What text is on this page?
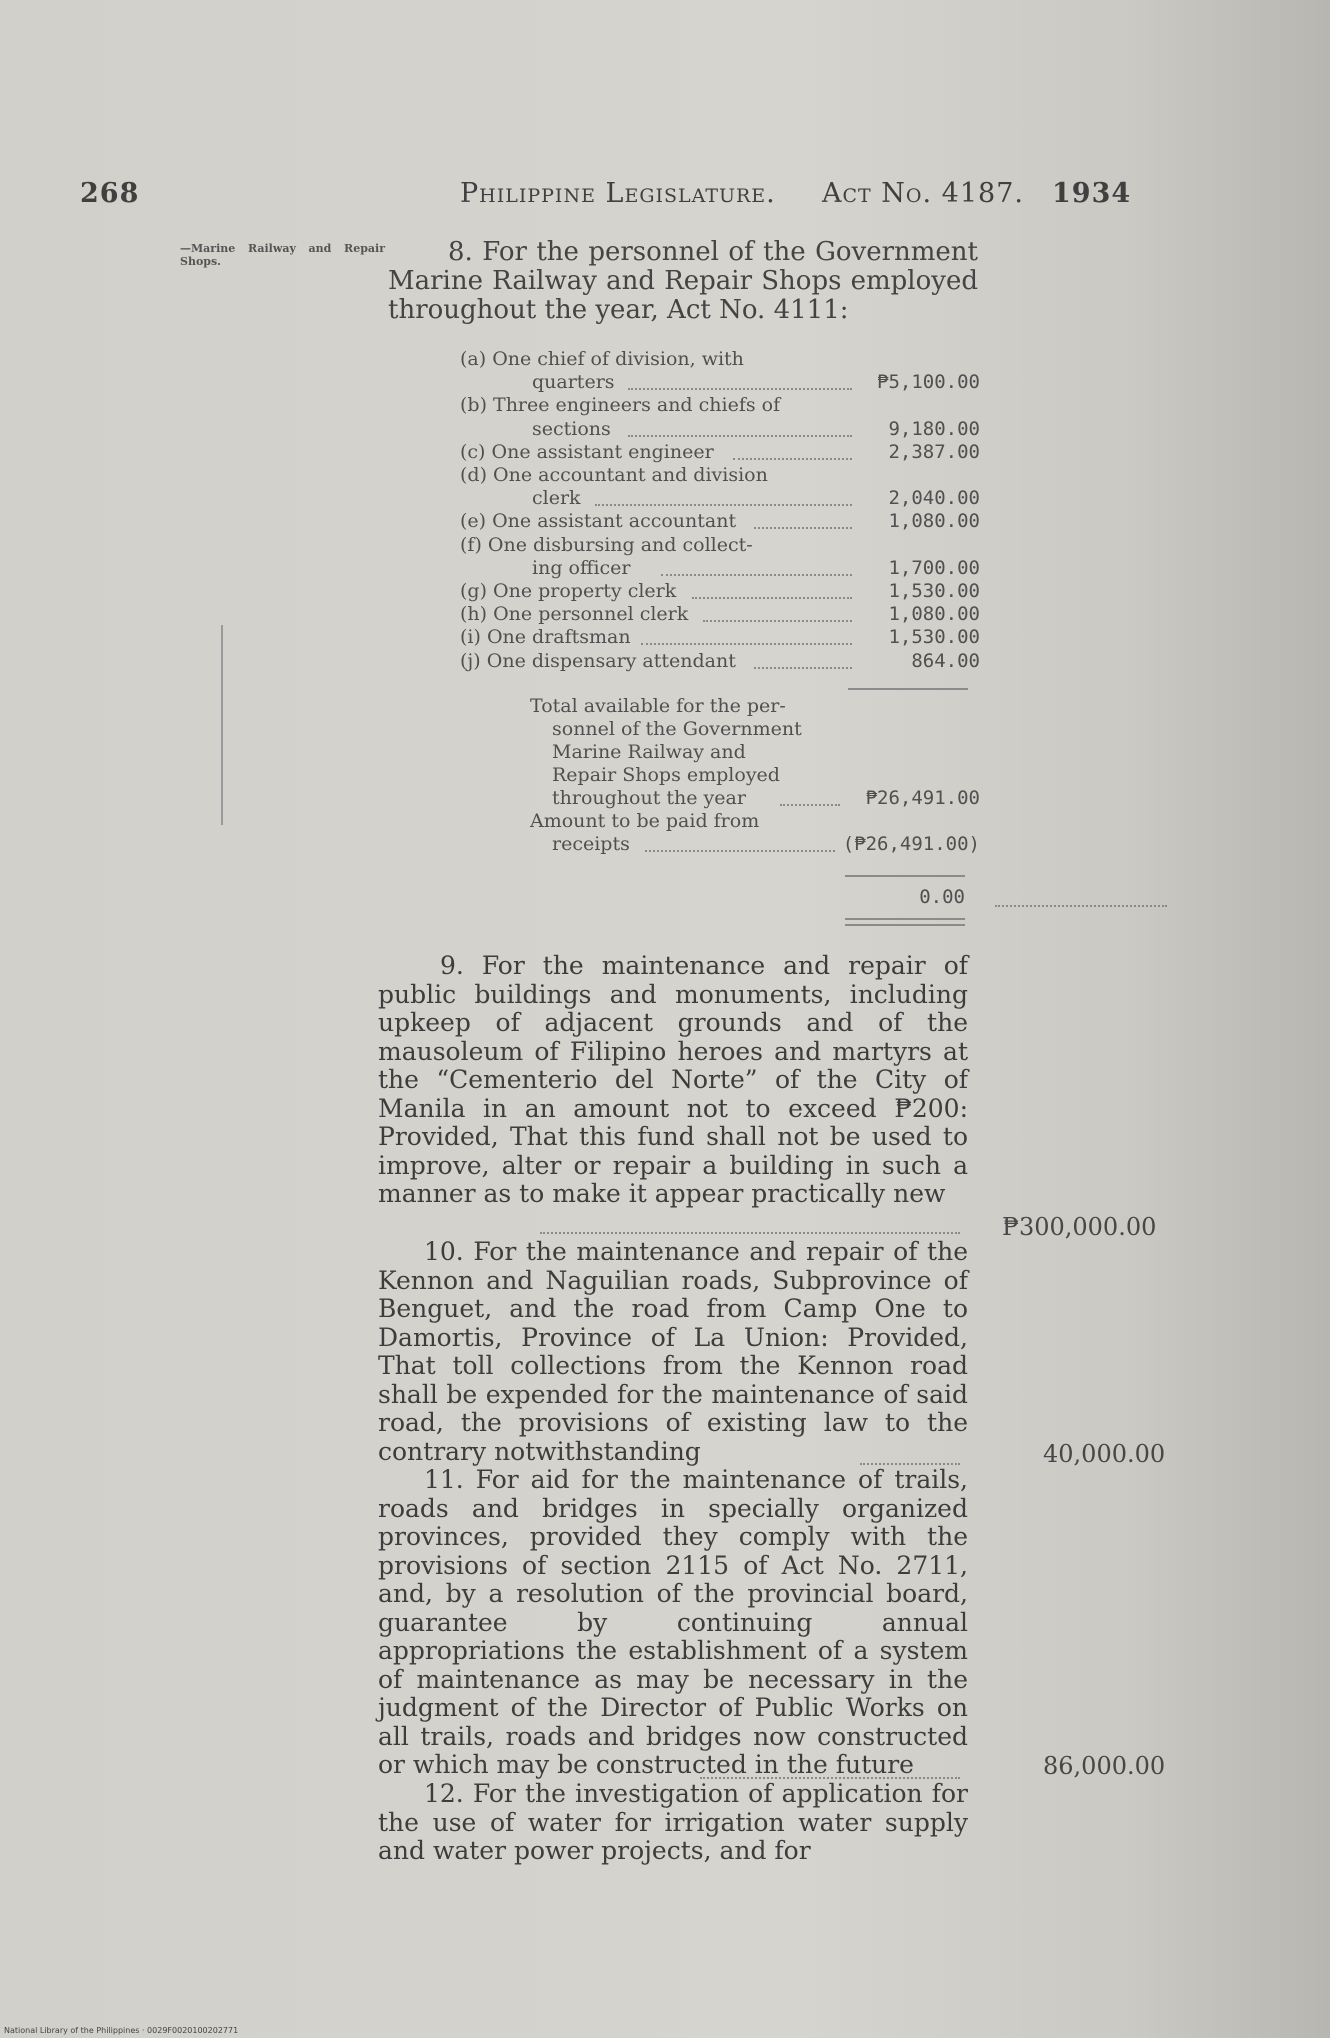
268	Philippine Legislature. Act No. 4187. 1934
—Marine Railway and Repair Shops.	8. For the personnel of the Government Marine Railway and Repair Shops employed throughout the year, Act No. 4111:
(a) One chief of division, with
quarters	₱5,100.00
(b) Three engineers and chiefs of
sections	9,180.00
(c) One assistant engineer	2,387.00
(d) One accountant and division
clerk	2,040.00
(e) One assistant accountant	1,080.00
(f) One disbursing and collect-
ing officer	1,700.00
(g) One property clerk	1,530.00
(h) One personnel clerk	1,080.00
(i) One draftsman	1,530.00
(j) One dispensary attendant	864.00
Total available for the per-
sonnel of the Government
Marine Railway and
Repair Shops employed
throughout the year	₱26,491.00
Amount to be paid from
receipts	(₱26,491.00)
0.00
9. For the maintenance and repair of public buildings and monuments, including upkeep of adjacent grounds and of the mausoleum of Filipino heroes and martyrs at the “Cementerio del Norte” of the City of Manila in an amount not to exceed ₱200: Provided, That this fund shall not be used to improve, alter or repair a building in such a manner as to make it appear practically new
₱300,000.00
10. For the maintenance and repair of the Kennon and Naguilian roads, Subprovince of Benguet, and the road from Camp One to Damortis, Province of La Union: Provided, That toll collections from the Kennon road shall be expended for the maintenance of said road, the provisions of existing law to the contrary notwithstanding	40,000.00
11. For aid for the maintenance of trails, roads and bridges in specially organized provinces, provided they comply with the provisions of section 2115 of Act No. 2711, and, by a resolution of the provincial board, guarantee by continuing annual appropriations the establishment of a system of maintenance as may be necessary in the judgment of the Director of Public Works on all trails, roads and bridges now constructed or which may be constructed in the future	86,000.00
12. For the investigation of application for the use of water for irrigation water supply and water power projects, and for
National Library of the Philippines · 0029F0020100202771
